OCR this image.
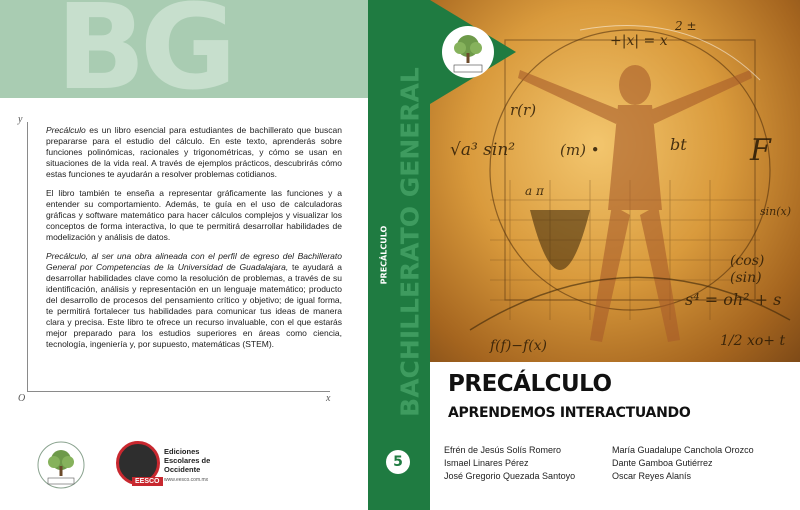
BG
y
x
O

Precálculo es un libro esencial para estudiantes de bachillerato que buscan prepararse para el estudio del cálculo. En este texto, aprenderás sobre funciones polinómicas, racionales y trigonométricas, y cómo se usan en situaciones de la vida real. A través de ejemplos prácticos, descubrirás cómo estas funciones te ayudarán a resolver problemas cotidianos.

El libro también te enseña a representar gráficamente las funciones y a entender su comportamiento. Además, te guía en el uso de calculadoras gráficas y software matemático para hacer cálculos complejos y visualizar los conceptos de forma interactiva, lo que te permitirá desarrollar habilidades de modelización y análisis de datos.

Precálculo, al ser una obra alineada con el perfil de egreso del Bachillerato General por Competencias de la Universidad de Guadalajara, te ayudará a desarrollar habilidades clave como la resolución de problemas, a través de su identificación, análisis y representación en un lenguaje matemático; producto del desarrollo de procesos del pensamiento crítico y objetivo; de igual forma, te permitirá fortalecer tus habilidades para comunicar tus ideas de manera clara y precisa. Este libro te ofrece un recurso invaluable, con el que estarás mejor preparado para los estudios superiores en áreas como ciencia, tecnología, ingeniería y, por supuesto, matemáticas (STEM).

EESCO
Ediciones Escolares de Occidente
www.eesco.com.mx
BACHILLERATO GENERAL
PRECÁLCULO
5
+|x| = x
2 ±
√a³ sin²	(m) •	bt F
r(r)
sin(x)
(cos)
(sin)
s⁴ = oh² + s
1/2 xo+ t
f(f)−f(x)
a π
PRECÁLCULO
APRENDEMOS INTERACTUANDO
Efrén de Jesús Solís Romero
Ismael Linares Pérez
José Gregorio Quezada Santoyo
María Guadalupe Canchola Orozco
Dante Gamboa Gutiérrez
Oscar Reyes Alanís
